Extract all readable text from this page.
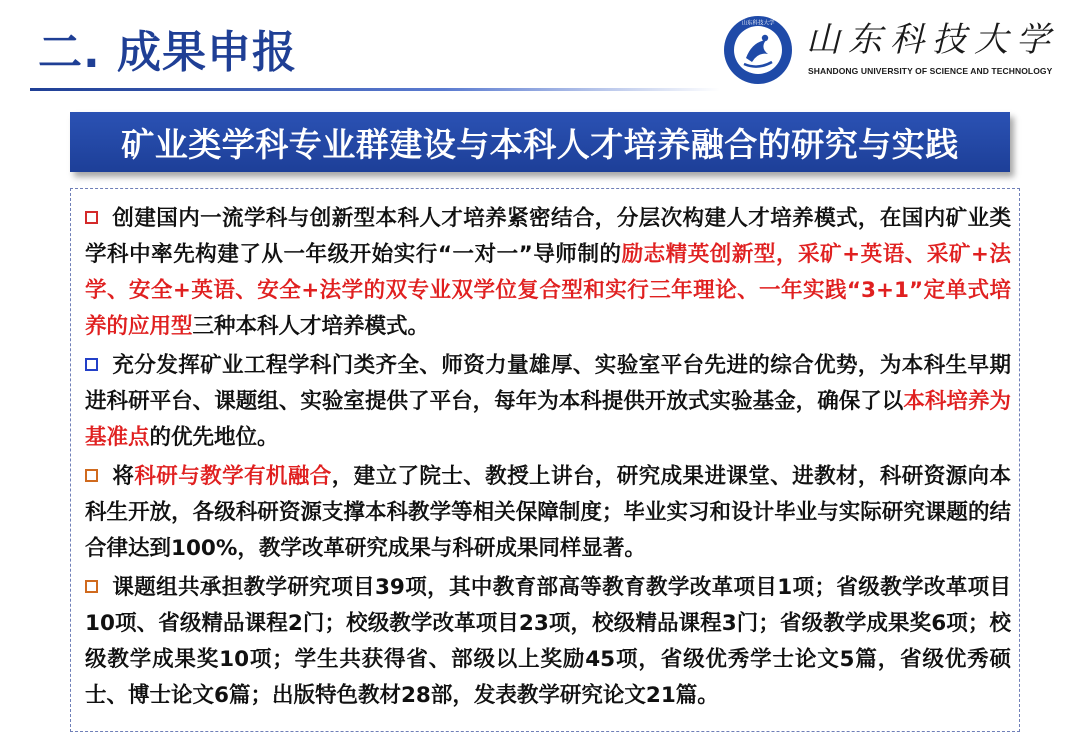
二. 成果申报
山东科技大学 山东科技大学
SHANDONG UNIVERSITY OF SCIENCE AND TECHNOLOGY
矿业类学科专业群建设与本科人才培养融合的研究与实践

创建国内一流学科与创新型本科人才培养紧密结合，分层次构建人才培养模式，在国内矿业类学科中率先构建了从一年级开始实行“一对一”导师制的励志精英创新型，采矿+英语、采矿+法学、安全+英语、安全+法学的双专业双学位复合型和实行三年理论、一年实践“3+1”定单式培养的应用型三种本科人才培养模式。

充分发挥矿业工程学科门类齐全、师资力量雄厚、实验室平台先进的综合优势，为本科生早期进科研平台、课题组、实验室提供了平台，每年为本科提供开放式实验基金，确保了以本科培养为基准点的优先地位。

将科研与教学有机融合，建立了院士、教授上讲台，研究成果进课堂、进教材，科研资源向本科生开放，各级科研资源支撑本科教学等相关保障制度；毕业实习和设计毕业与实际研究课题的结合律达到100%，教学改革研究成果与科研成果同样显著。

课题组共承担教学研究项目39项，其中教育部高等教育教学改革项目1项；省级教学改革项目10项、省级精品课程2门；校级教学改革项目23项，校级精品课程3门；省级教学成果奖6项；校级教学成果奖10项；学生共获得省、部级以上奖励45项，省级优秀学士论文5篇，省级优秀硕士、博士论文6篇；出版特色教材28部，发表教学研究论文21篇。
